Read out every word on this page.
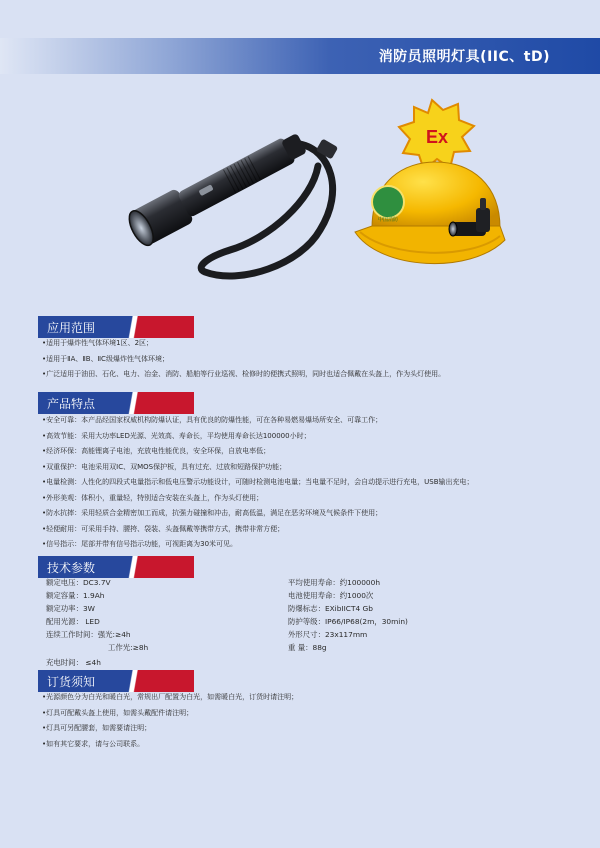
消防员照明灯具(IIC、tD)
Ex
中国消防
应用范围
•适用于爆炸性气体环境1区、2区；
•适用于ⅡA、ⅡB、ⅡC级爆炸性气体环境；
•广泛适用于油田、石化、电力、冶金、消防、船舶等行业巡视、检修时的便携式照明，同时也适合佩戴在头盔上，作为头灯使用。
产品特点
•安全可靠：本产品经国家权威机构防爆认证，具有优良的防爆性能，可在各种易燃易爆场所安全、可靠工作；
•高效节能：采用大功率LED光源、光效高、寿命长，平均使用寿命长达100000小时；
•经济环保：高能锂离子电池，充放电性能优良，安全环保，自放电率低；
•双重保护：电池采用双IC、双MOS保护板，具有过充、过放和短路保护功能；
•电量检测：人性化的四段式电量指示和低电压警示功能设计，可随时检测电池电量；当电量不足时，会自动提示进行充电，USB输出充电；
•外形美观：体积小，重量轻，特别适合安装在头盔上，作为头灯使用；
•防水抗摔：采用轻质合金精密加工而成，抗强力碰撞和冲击，耐高低温，满足在恶劣环境及气候条件下使用；
•轻便耐用：可采用手持、腰挎、袋装、头盔佩戴等携带方式，携带非常方便；
•信号指示：尾部并带有信号指示功能，可视距离为30米可见。
技术参数
额定电压：DC3.7V
额定容量：1.9Ah
额定功率：3W
配用光源： LED
连续工作时间：强光:≥4h
工作光:≥8h
充电时间： ≤4h
平均使用寿命：约100000h
电池使用寿命：约1000次
防爆标志：EXibIICT4 Gb
防护等级：IP66/IP68(2m，30min)
外形尺寸：23x117mm
重 量：88g
订货须知
•光源颜色分为白光和暖白光，常规出厂配置为白光，如需暖白光，订货时请注明；
•灯具可配戴头盔上使用，如需头戴配件请注明；
•灯具可另配腰套，如需要请注明；
•如有其它要求，请与公司联系。
